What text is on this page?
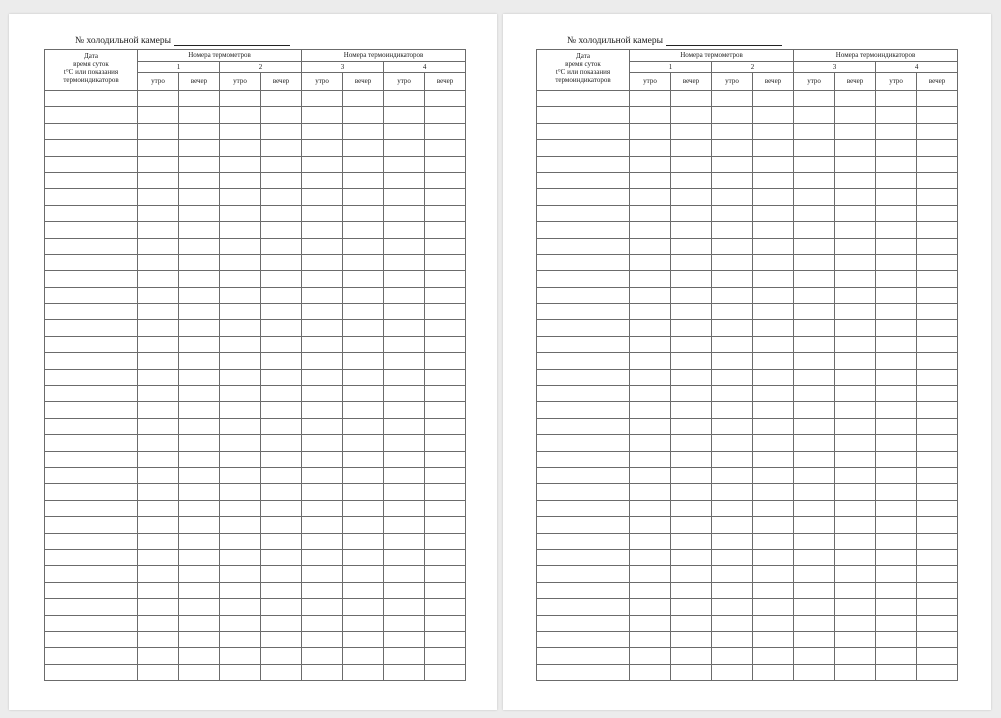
№ холодильной камеры
Дата
время суток
t°C или показания
термоиндикаторов	Номера термометров				Номера термоиндикаторов			
	1		2		3		4	
	утро	вечер	утро	вечер	утро	вечер	утро	вечер

№ холодильной камеры
Дата
время суток
t°C или показания
термоиндикаторов	Номера термометров				Номера термоиндикаторов			
	1		2		3		4	
	утро	вечер	утро	вечер	утро	вечер	утро	вечер
